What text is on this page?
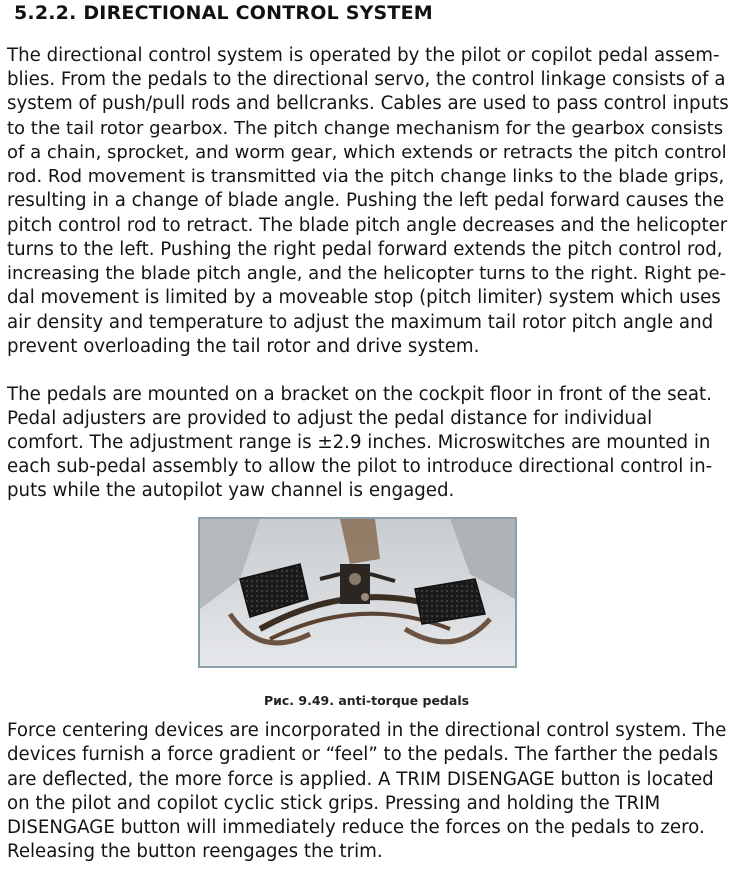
5.2.2. DIRECTIONAL CONTROL SYSTEM

The directional control system is operated by the pilot or copilot pedal assem-

blies. From the pedals to the directional servo, the control linkage consists of a

system of push/pull rods and bellcranks. Cables are used to pass control inputs

to the tail rotor gearbox. The pitch change mechanism for the gearbox consists

of a chain, sprocket, and worm gear, which extends or retracts the pitch control

rod. Rod movement is transmitted via the pitch change links to the blade grips,

resulting in a change of blade angle. Pushing the left pedal forward causes the

pitch control rod to retract. The blade pitch angle decreases and the helicopter

turns to the left. Pushing the right pedal forward extends the pitch control rod,

increasing the blade pitch angle, and the helicopter turns to the right. Right pe-

dal movement is limited by a moveable stop (pitch limiter) system which uses

air density and temperature to adjust the maximum tail rotor pitch angle and

prevent overloading the tail rotor and drive system.

The pedals are mounted on a bracket on the cockpit floor in front of the seat.

Pedal adjusters are provided to adjust the pedal distance for individual

comfort. The adjustment range is ±2.9 inches. Microswitches are mounted in

each sub-pedal assembly to allow the pilot to introduce directional control in-

puts while the autopilot yaw channel is engaged.

Рис. 9.49. anti-torque pedals

Force centering devices are incorporated in the directional control system. The

devices furnish a force gradient or “feel” to the pedals. The farther the pedals

are deflected, the more force is applied. A TRIM DISENGAGE button is located

on the pilot and copilot cyclic stick grips. Pressing and holding the TRIM

DISENGAGE button will immediately reduce the forces on the pedals to zero.

Releasing the button reengages the trim.
